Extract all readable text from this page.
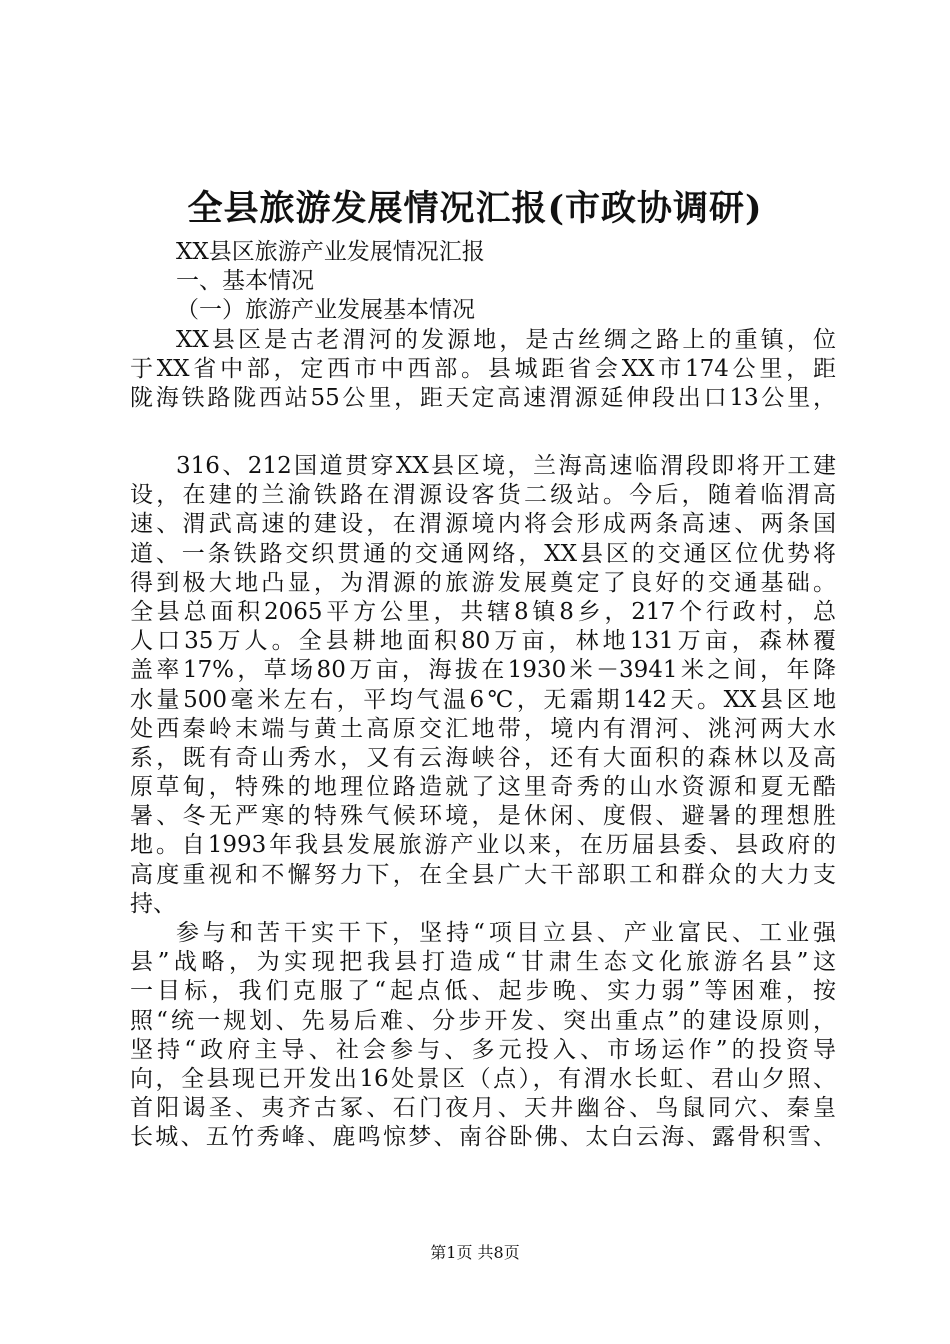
全县旅游发展情况汇报(市政协调研)
XX县区旅游产业发展情况汇报
一、基本情况
（一）旅游产业发展基本情况
XX县区是古老渭河的发源地，是古丝绸之路上的重镇，位
于XX省中部，定西市中西部。县城距省会XX市174公里，距
陇海铁路陇西站55公里，距天定高速渭源延伸段出口13公里，
316、212国道贯穿XX县区境，兰海高速临渭段即将开工建
设，在建的兰渝铁路在渭源设客货二级站。今后，随着临渭高
速、渭武高速的建设，在渭源境内将会形成两条高速、两条国
道、一条铁路交织贯通的交通网络，XX县区的交通区位优势将
得到极大地凸显，为渭源的旅游发展奠定了良好的交通基础。
全县总面积2065平方公里，共辖8镇8乡，217个行政村，总
人口35万人。全县耕地面积80万亩，林地131万亩，森林覆
盖率17%，草场80万亩，海拔在1930米－3941米之间，年降
水量500毫米左右，平均气温6℃，无霜期142天。XX县区地
处西秦岭末端与黄土高原交汇地带，境内有渭河、洮河两大水
系，既有奇山秀水，又有云海峡谷，还有大面积的森林以及高
原草甸，特殊的地理位路造就了这里奇秀的山水资源和夏无酷
暑、冬无严寒的特殊气候环境，是休闲、度假、避暑的理想胜
地。自1993年我县发展旅游产业以来，在历届县委、县政府的
高度重视和不懈努力下，在全县广大干部职工和群众的大力支
持、
参与和苦干实干下，坚持“项目立县、产业富民、工业强
县”战略，为实现把我县打造成“甘肃生态文化旅游名县”这
一目标，我们克服了“起点低、起步晚、实力弱”等困难，按
照“统一规划、先易后难、分步开发、突出重点”的建设原则，
坚持“政府主导、社会参与、多元投入、市场运作”的投资导
向，全县现已开发出16处景区（点），有渭水长虹、君山夕照、
首阳谒圣、夷齐古冢、石门夜月、天井幽谷、鸟鼠同穴、秦皇
长城、五竹秀峰、鹿鸣惊梦、南谷卧佛、太白云海、露骨积雪、
第1页 共8页
